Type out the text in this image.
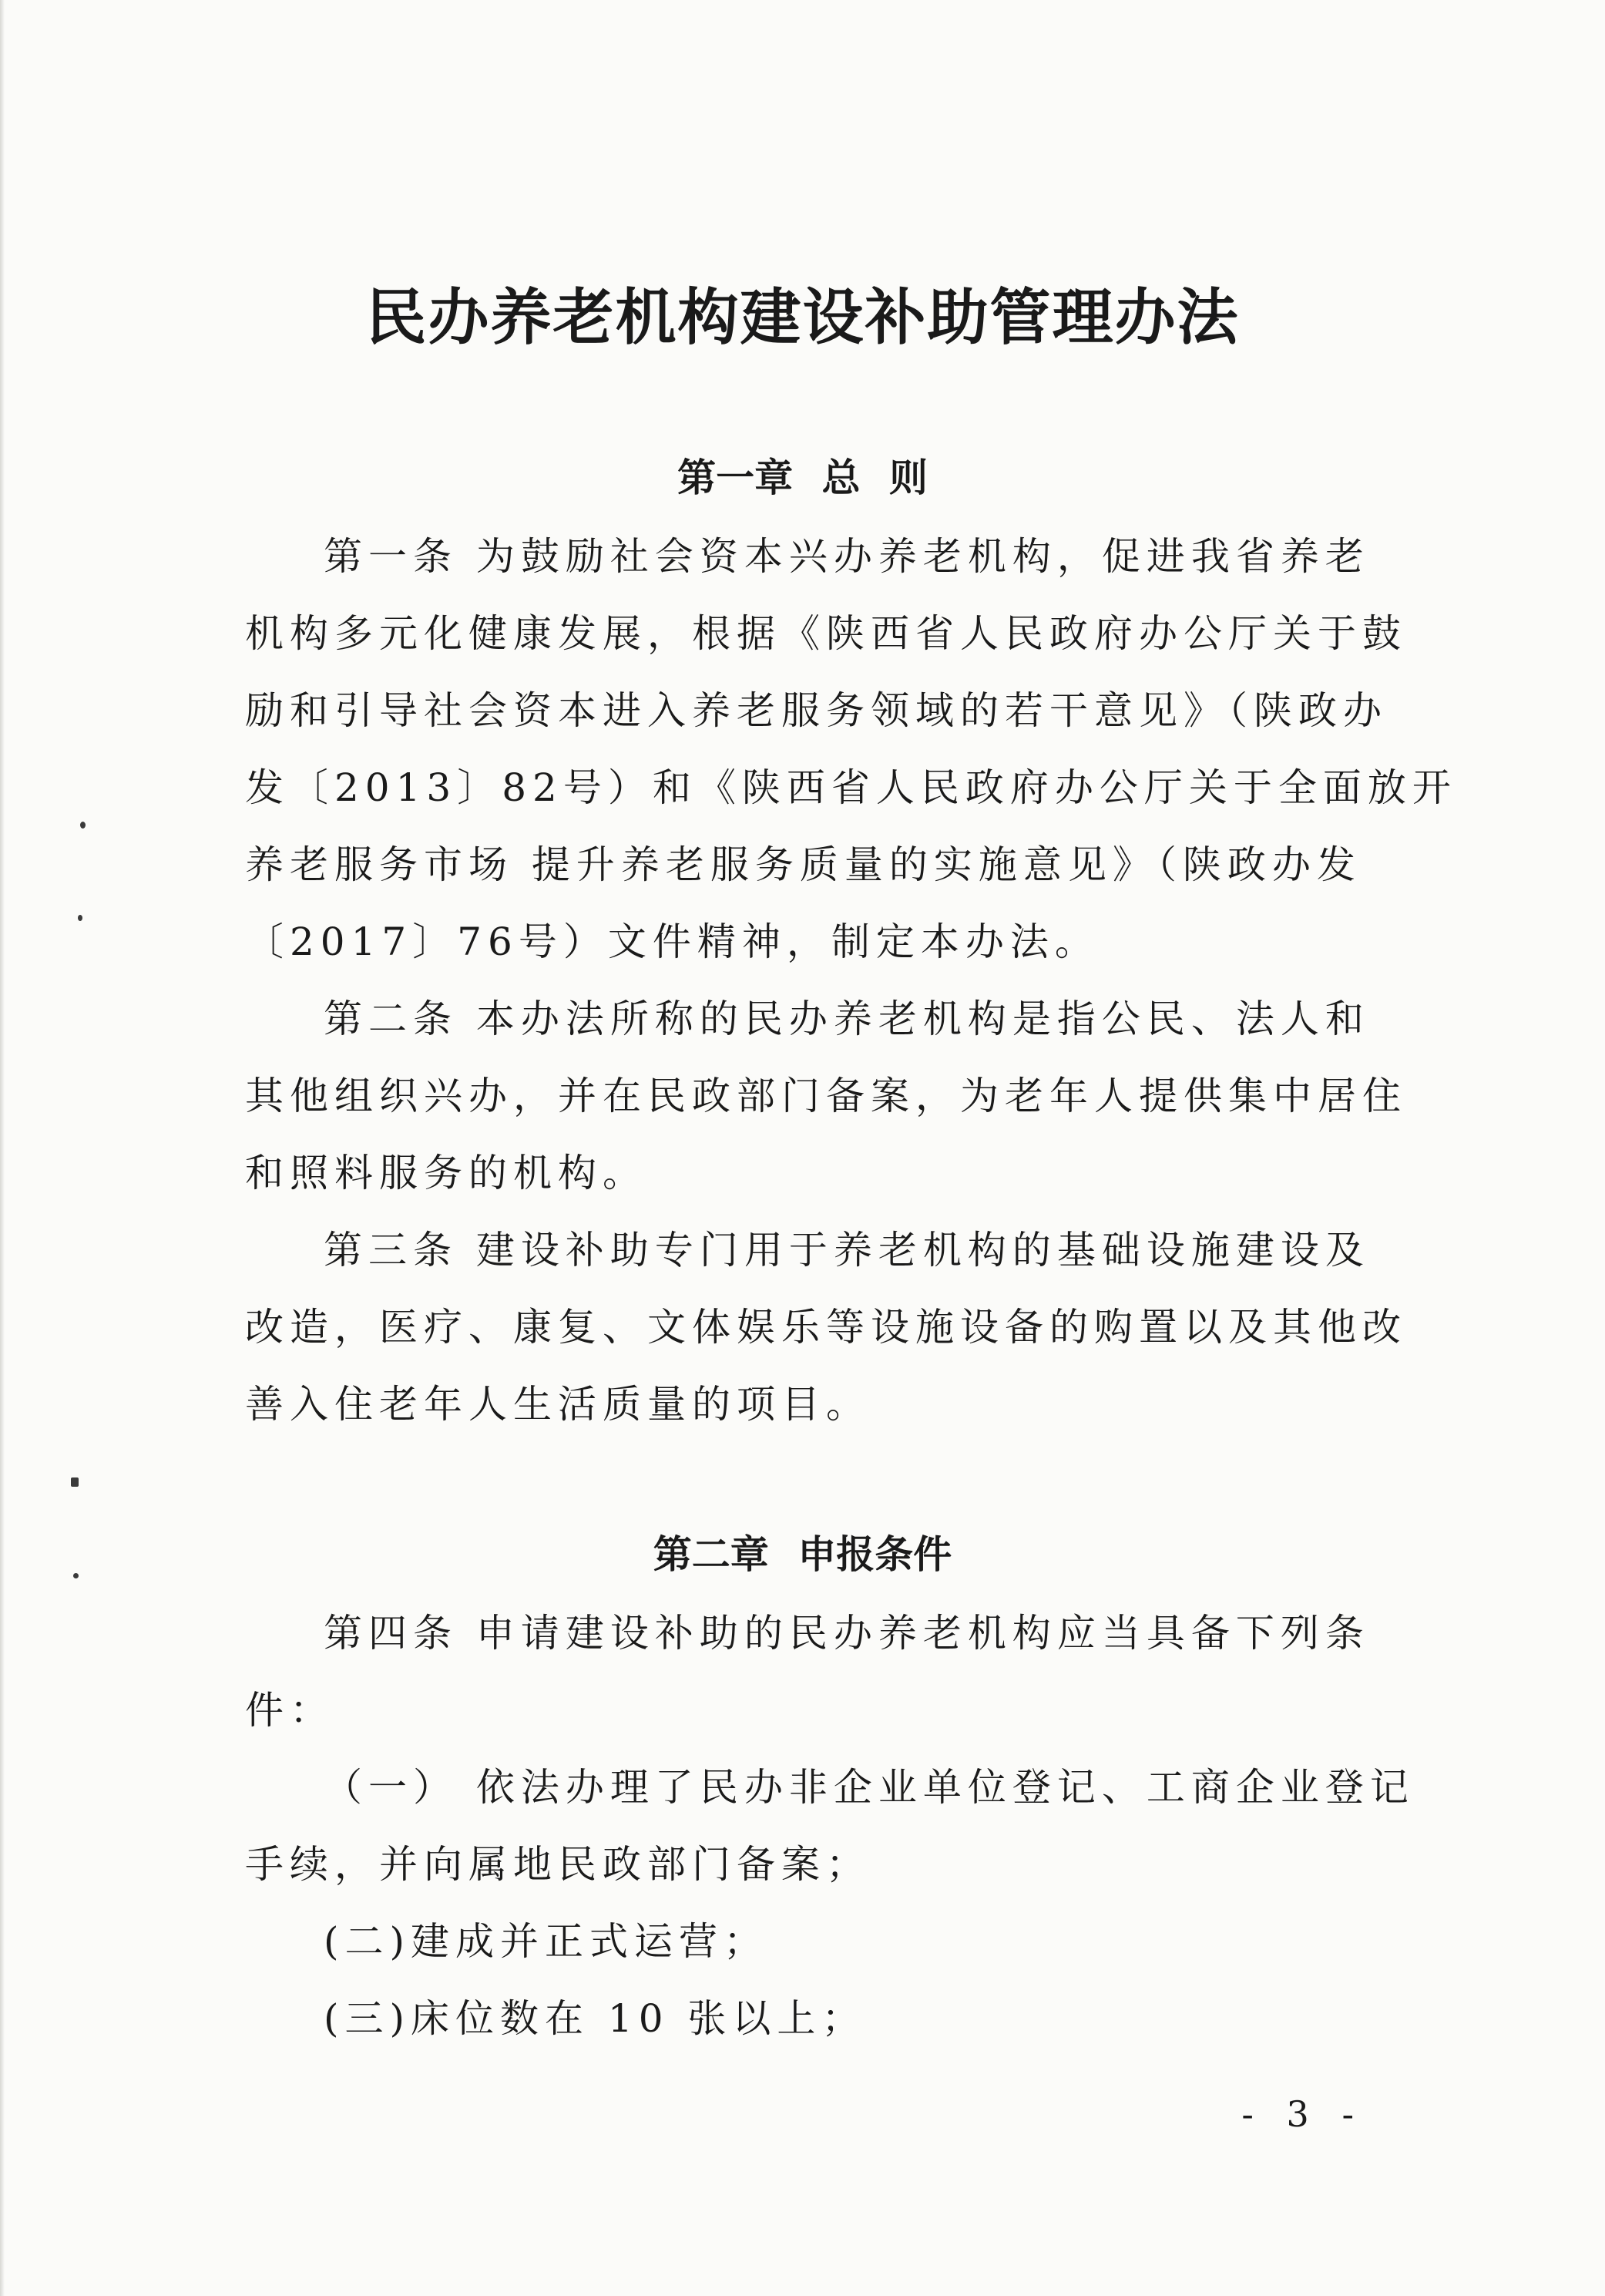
民办养老机构建设补助管理办法
第一章 总 则

第一条 为鼓励社会资本兴办养老机构，促进我省养老

机构多元化健康发展，根据《陕西省人民政府办公厅关于鼓

励和引导社会资本进入养老服务领域的若干意见》（陕政办

发〔2013〕82号）和《陕西省人民政府办公厅关于全面放开

养老服务市场 提升养老服务质量的实施意见》（陕政办发

〔2017〕76号）文件精神，制定本办法。

第二条 本办法所称的民办养老机构是指公民、法人和

其他组织兴办，并在民政部门备案，为老年人提供集中居住

和照料服务的机构。

第三条 建设补助专门用于养老机构的基础设施建设及

改造，医疗、康复、文体娱乐等设施设备的购置以及其他改

善入住老年人生活质量的项目。

第二章 申报条件

第四条 申请建设补助的民办养老机构应当具备下列条

件：

（一） 依法办理了民办非企业单位登记、工商企业登记

手续，并向属地民政部门备案；

(二)建成并正式运营；

(三)床位数在 10 张以上；

- 3 -
